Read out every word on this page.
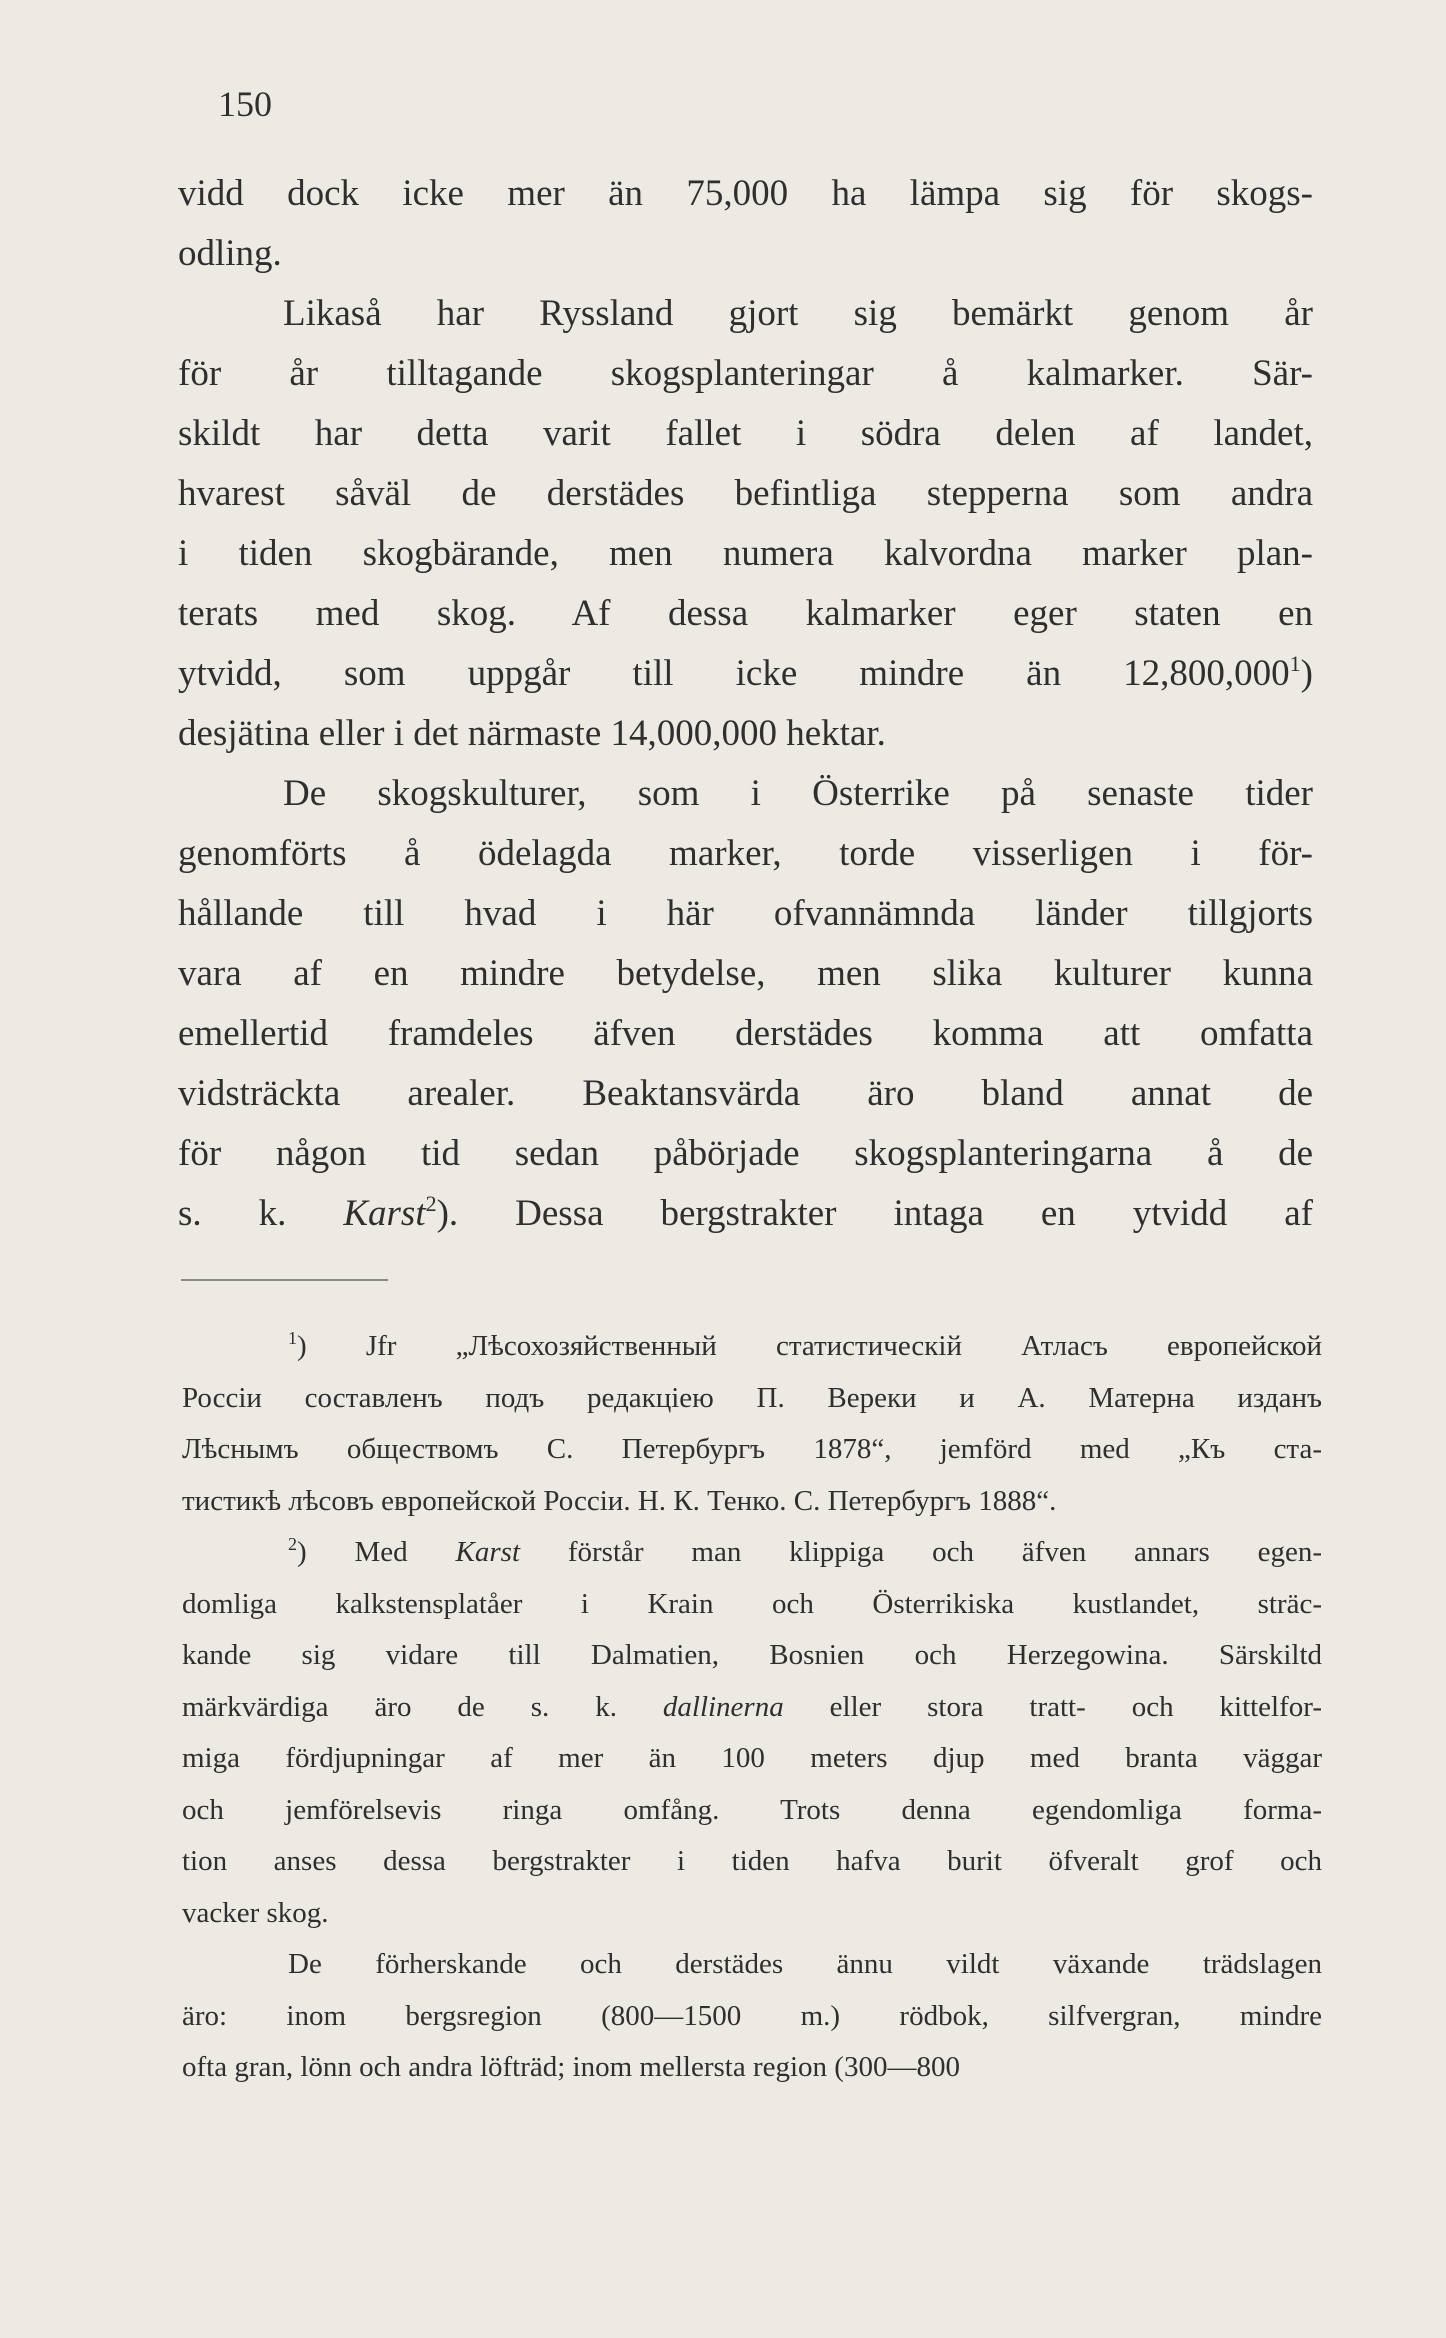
150
vidd dock icke mer än 75,000 ha lämpa sig för skogs-
odling.
Likaså har Ryssland gjort sig bemärkt genom år
för år tilltagande skogsplanteringar å kalmarker. Sär-
skildt har detta varit fallet i södra delen af landet,
hvarest såväl de derstädes befintliga stepperna som andra
i tiden skogbärande, men numera kalvordna marker plan-
terats med skog. Af dessa kalmarker eger staten en
ytvidd, som uppgår till icke mindre än 12,800,000$^1$)
desjätina eller i det närmaste 14,000,000 hektar.
De skogskulturer, som i Österrike på senaste tider
genomförts å ödelagda marker, torde visserligen i för-
hållande till hvad i här ofvannämnda länder tillgjorts
vara af en mindre betydelse, men slika kulturer kunna
emellertid framdeles äfven derstädes komma att omfatta
vidsträckta arealer. Beaktansvärda äro bland annat de
för någon tid sedan påbörjade skogsplanteringarna å de
s. k. Karst$^2$). Dessa bergstrakter intaga en ytvidd af
$^1$) Jfr „Лѣсохозяйственный статистическій Атласъ европейской
Россіи составленъ подъ редакціею П. Вереки и А. Матерна изданъ
Лѣснымъ обществомъ С. Петербургъ 1878“, jemförd med „Къ ста-
тистикѣ лѣсовъ европейской Россіи. Н. К. Тенко. С. Петербургъ 1888“.
$^2$) Med Karst förstår man klippiga och äfven annars egen-
domliga kalkstensplatåer i Krain och Österrikiska kustlandet, sträc-
kande sig vidare till Dalmatien, Bosnien och Herzegowina. Särskiltd
märkvärdiga äro de s. k. dallinerna eller stora tratt- och kittelfor-
miga fördjupningar af mer än 100 meters djup med branta väggar
och jemförelsevis ringa omfång. Trots denna egendomliga forma-
tion anses dessa bergstrakter i tiden hafva burit öfveralt grof och
vacker skog.
De förherskande och derstädes ännu vildt växande trädslagen
äro: inom bergsregion (800—1500 m.) rödbok, silfvergran, mindre
ofta gran, lönn och andra löfträd; inom mellersta region (300—800
